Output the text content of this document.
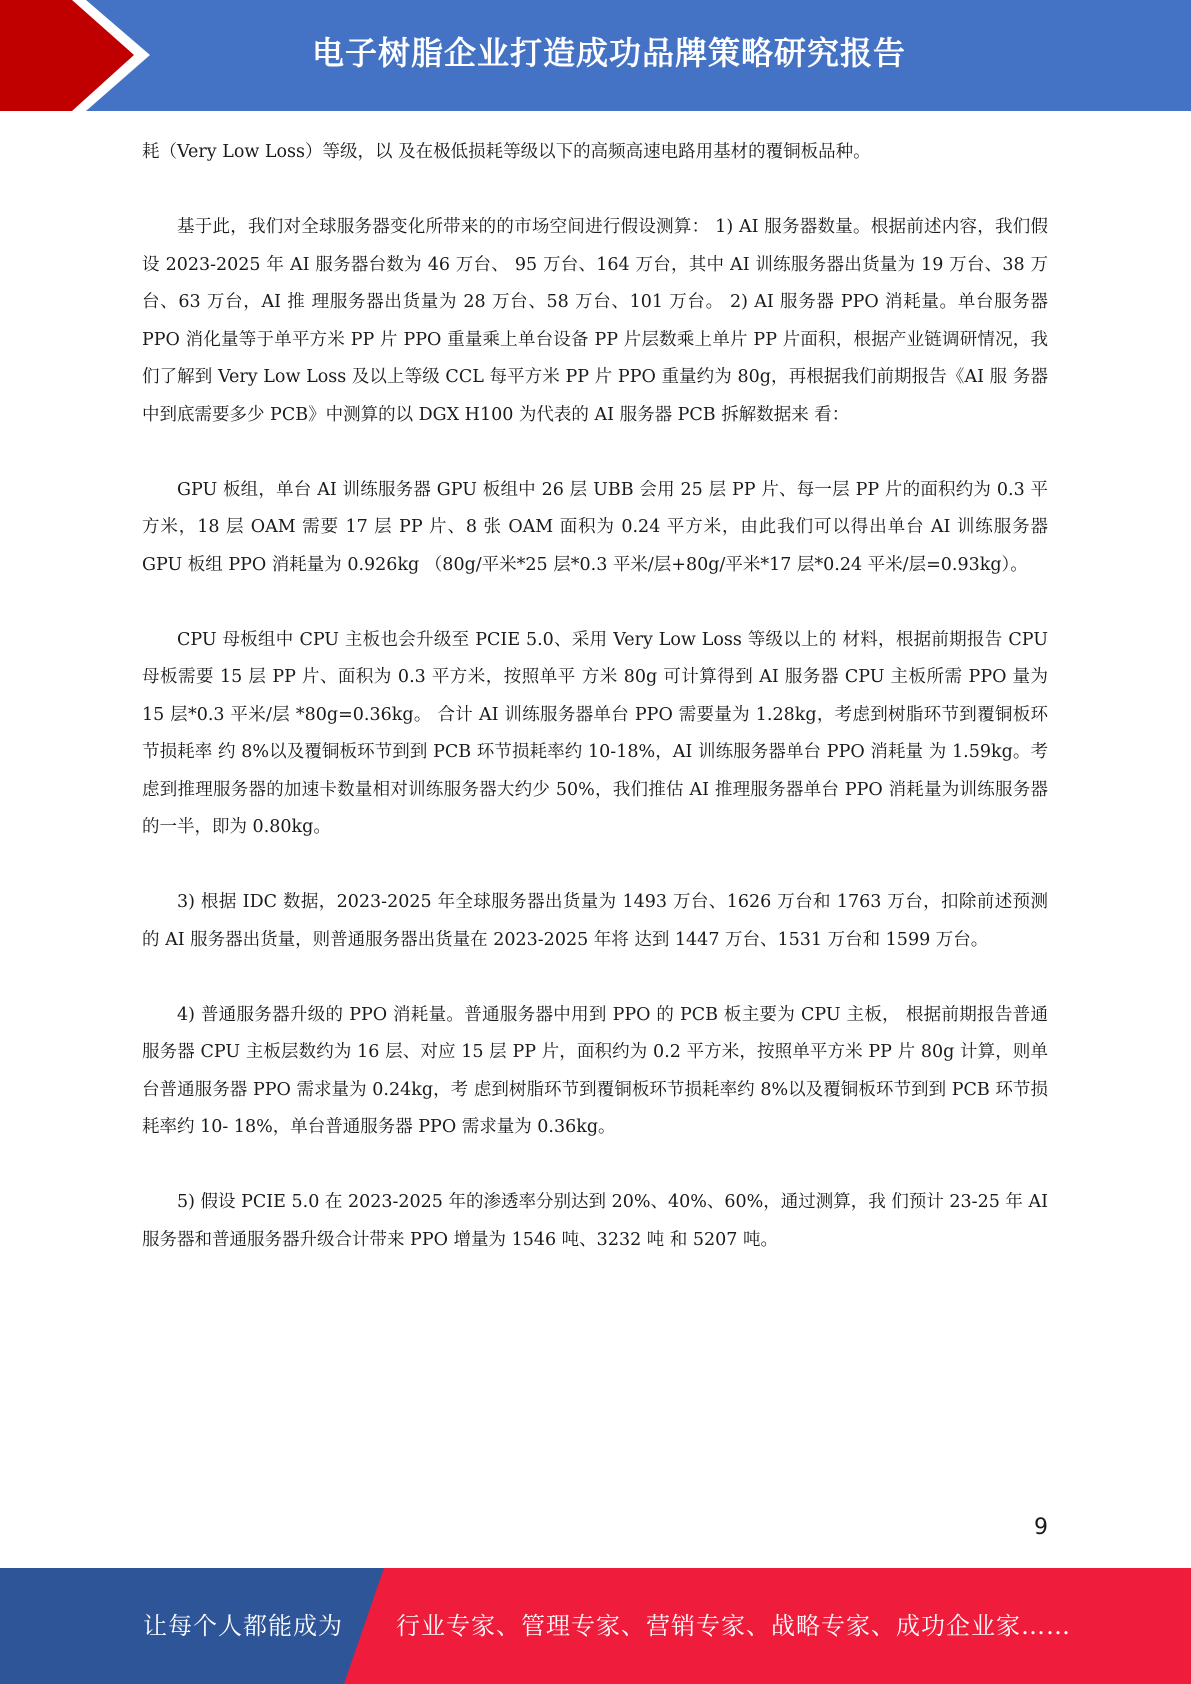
电子树脂企业打造成功品牌策略研究报告

耗（Very Low Loss）等级，以 及在极低损耗等级以下的高频高速电路用基材的覆铜板品种。

基于此，我们对全球服务器变化所带来的的市场空间进行假设测算： 1) AI 服务器数量。根据前述内容，我们假设 2023-2025 年 AI 服务器台数为 46 万台、 95 万台、164 万台，其中 AI 训练服务器出货量为 19 万台、38 万台、63 万台，AI 推 理服务器出货量为 28 万台、58 万台、101 万台。 2) AI 服务器 PPO 消耗量。单台服务器 PPO 消化量等于单平方米 PP 片 PPO 重量乘上单台设备 PP 片层数乘上单片 PP 片面积，根据产业链调研情况，我们了解到 Very Low Loss 及以上等级 CCL 每平方米 PP 片 PPO 重量约为 80g，再根据我们前期报告《AI 服 务器中到底需要多少 PCB》中测算的以 DGX H100 为代表的 AI 服务器 PCB 拆解数据来 看：

GPU 板组，单台 AI 训练服务器 GPU 板组中 26 层 UBB 会用 25 层 PP 片、每一层 PP 片的面积约为 0.3 平方米，18 层 OAM 需要 17 层 PP 片、8 张 OAM 面积为 0.24 平方米，由此我们可以得出单台 AI 训练服务器 GPU 板组 PPO 消耗量为 0.926kg （80g/平米*25 层*0.3 平米/层+80g/平米*17 层*0.24 平米/层=0.93kg）。

CPU 母板组中 CPU 主板也会升级至 PCIE 5.0、采用 Very Low Loss 等级以上的 材料，根据前期报告 CPU 母板需要 15 层 PP 片、面积为 0.3 平方米，按照单平 方米 80g 可计算得到 AI 服务器 CPU 主板所需 PPO 量为 15 层*0.3 平米/层 *80g=0.36kg。 合计 AI 训练服务器单台 PPO 需要量为 1.28kg，考虑到树脂环节到覆铜板环节损耗率 约 8%以及覆铜板环节到到 PCB 环节损耗率约 10-18%，AI 训练服务器单台 PPO 消耗量 为 1.59kg。考虑到推理服务器的加速卡数量相对训练服务器大约少 50%，我们推估 AI 推理服务器单台 PPO 消耗量为训练服务器的一半，即为 0.80kg。

3) 根据 IDC 数据，2023-2025 年全球服务器出货量为 1493 万台、1626 万台和 1763 万台，扣除前述预测的 AI 服务器出货量，则普通服务器出货量在 2023-2025 年将 达到 1447 万台、1531 万台和 1599 万台。

4) 普通服务器升级的 PPO 消耗量。普通服务器中用到 PPO 的 PCB 板主要为 CPU 主板， 根据前期报告普通服务器 CPU 主板层数约为 16 层、对应 15 层 PP 片，面积约为 0.2 平方米，按照单平方米 PP 片 80g 计算，则单台普通服务器 PPO 需求量为 0.24kg，考 虑到树脂环节到覆铜板环节损耗率约 8%以及覆铜板环节到到 PCB 环节损耗率约 10- 18%，单台普通服务器 PPO 需求量为 0.36kg。

5) 假设 PCIE 5.0 在 2023-2025 年的渗透率分别达到 20%、40%、60%，通过测算，我 们预计 23-25 年 AI 服务器和普通服务器升级合计带来 PPO 增量为 1546 吨、3232 吨 和 5207 吨。

9
让每个人都能成为 行业专家、管理专家、营销专家、战略专家、成功企业家……
